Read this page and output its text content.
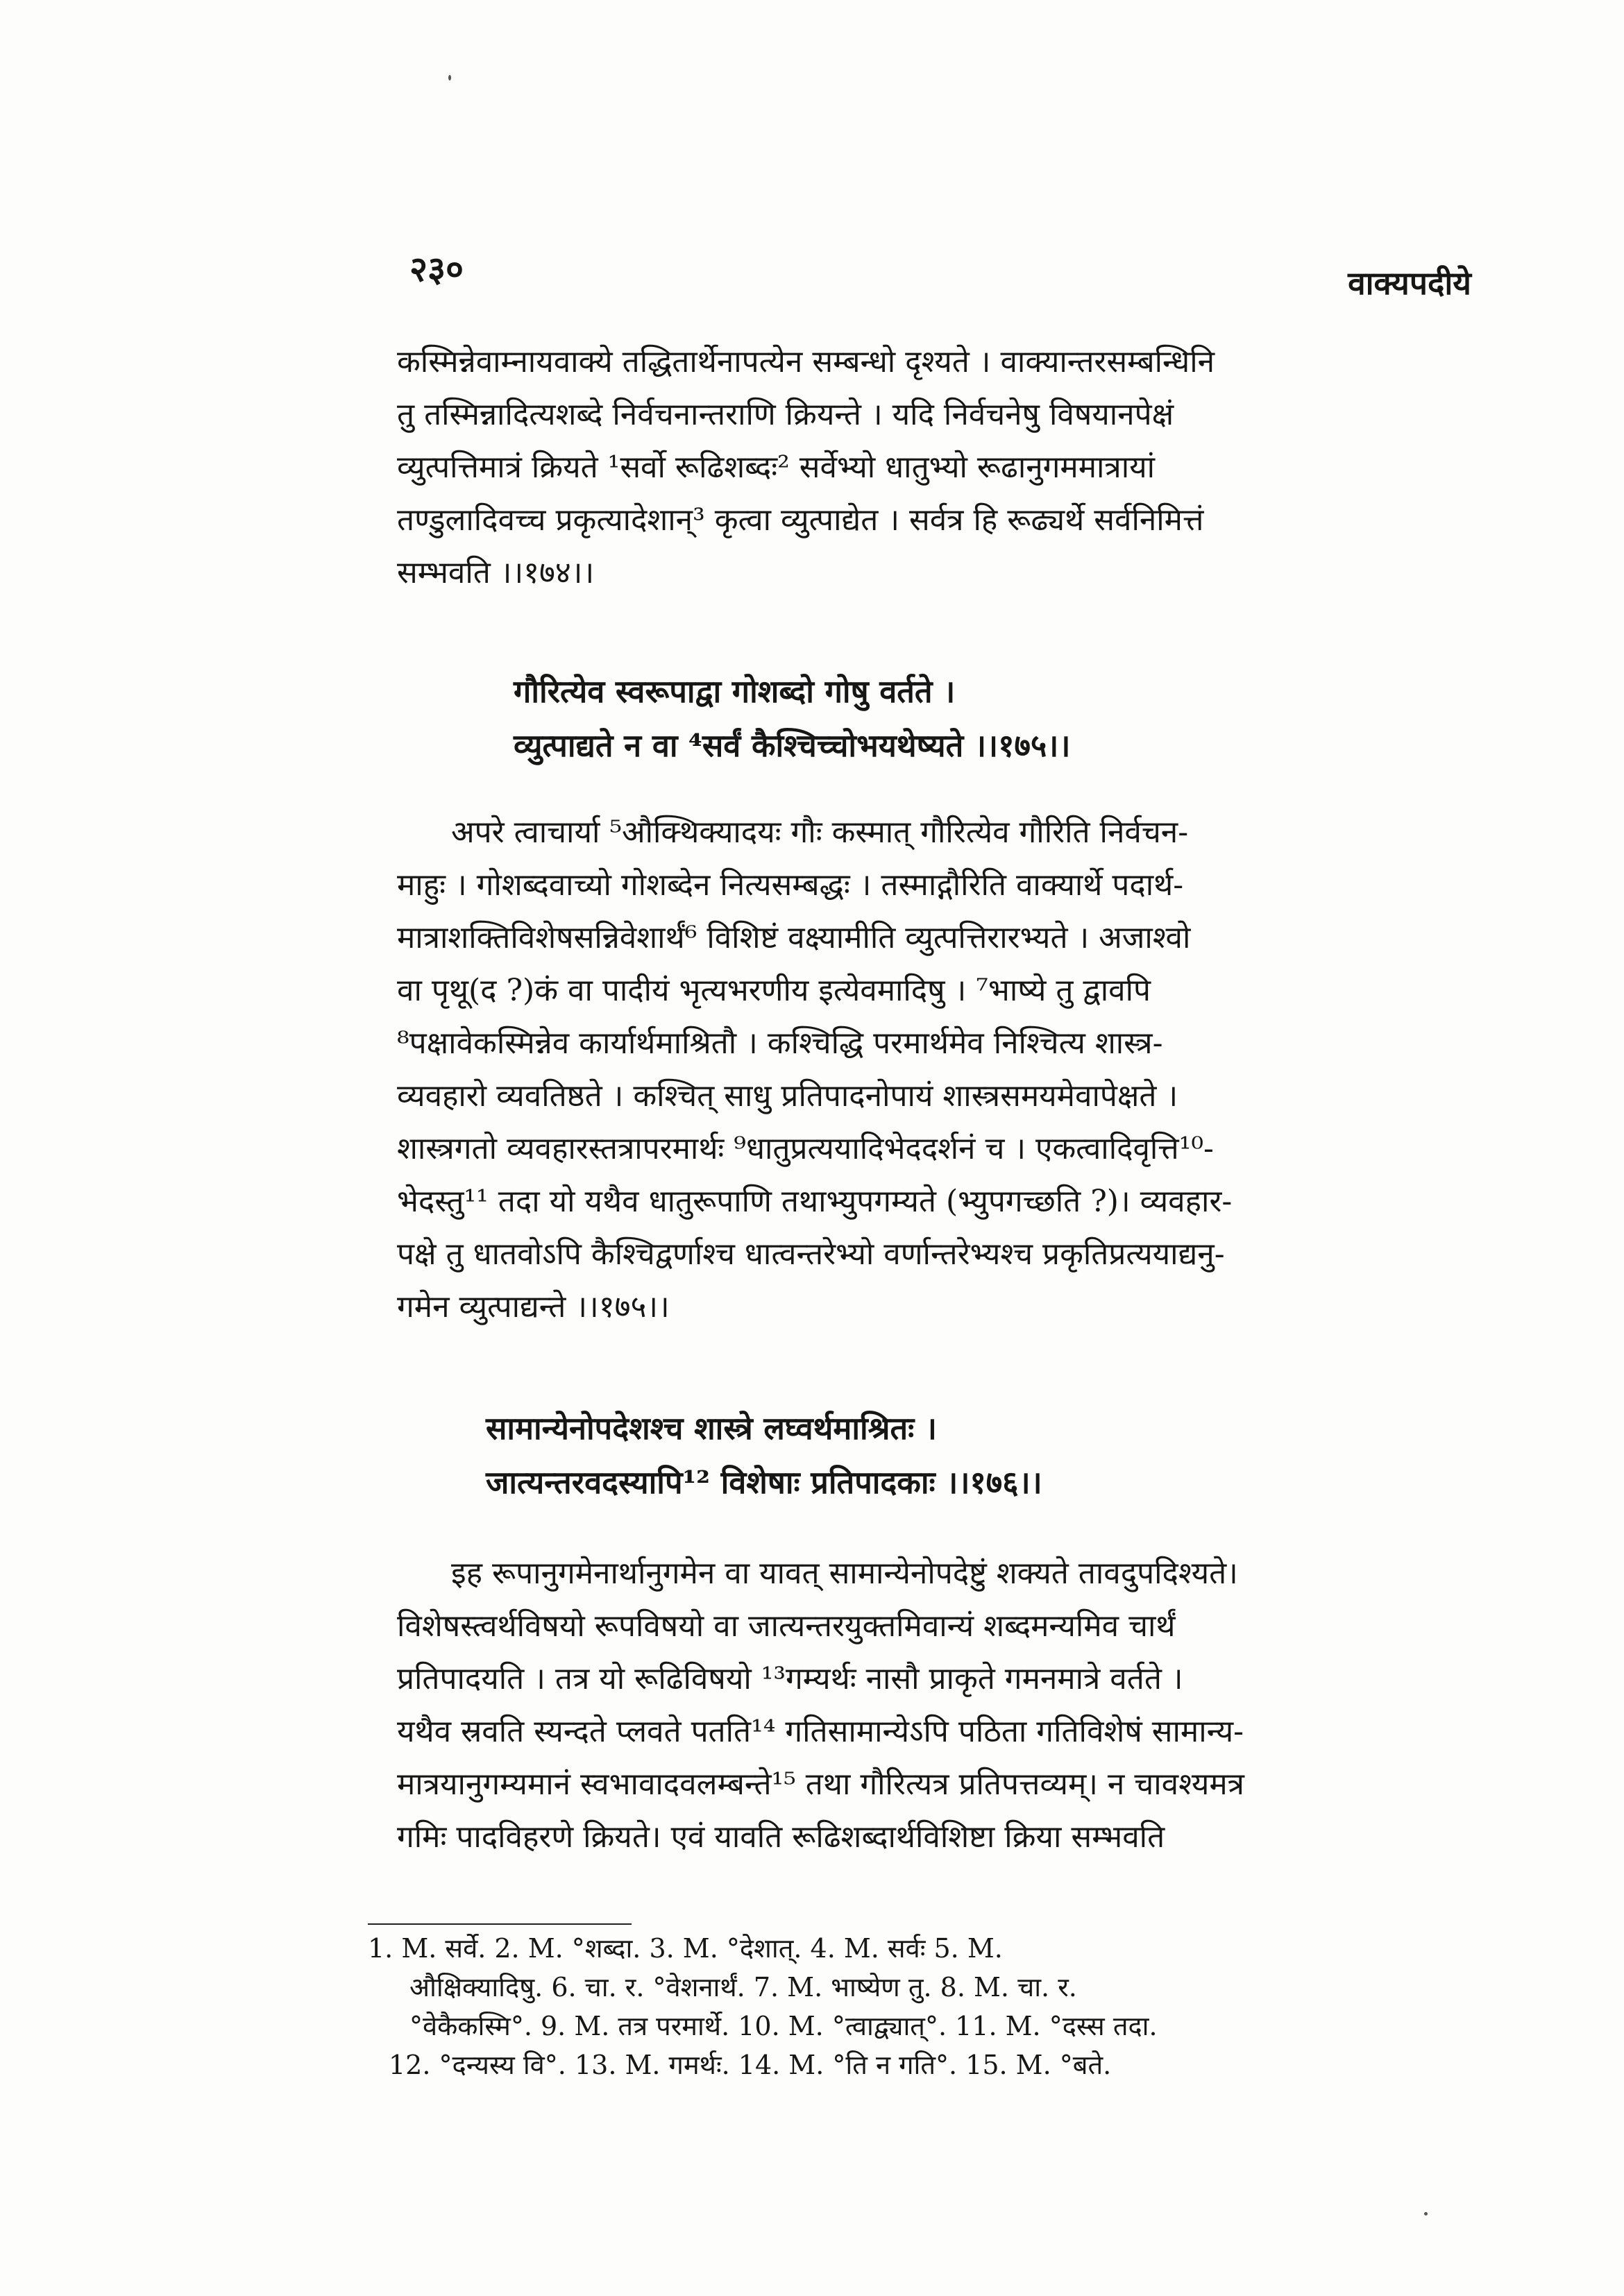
२३०	वाक्यपदीये

कस्मिन्नेवाम्नायवाक्ये तद्धितार्थेनापत्येन सम्बन्धो दृश्यते । वाक्यान्तरसम्बन्धिनि
तु तस्मिन्नादित्यशब्दे निर्वचनान्तराणि क्रियन्ते । यदि निर्वचनेषु विषयानपेक्षं
व्युत्पत्तिमात्रं क्रियते ¹सर्वो रूढिशब्दः² सर्वेभ्यो धातुभ्यो रूढानुगममात्रायां
तण्डुलादिवच्च प्रकृत्यादेशान्³ कृत्वा व्युत्पाद्येत । सर्वत्र हि रूढ्यर्थे सर्वनिमित्तं
सम्भवति ।।१७४।।

गौरित्येव स्वरूपाद्वा गोशब्दो गोषु वर्तते ।
व्युत्पाद्यते न वा ⁴सर्वं कैश्चिच्चोभयथेष्यते ।।१७५।।

अपरे त्वाचार्या ⁵औक्थिक्यादयः गौः कस्मात् गौरित्येव गौरिति निर्वचन-
माहुः । गोशब्दवाच्यो गोशब्देन नित्यसम्बद्धः । तस्माद्गौरिति वाक्यार्थे पदार्थ-
मात्राशक्तिविशेषसन्निवेशार्थं⁶ विशिष्टं वक्ष्यामीति व्युत्पत्तिरारभ्यते । अजाश्वो
वा पृथू(द ?)कं वा पादीयं भृत्यभरणीय इत्येवमादिषु । ⁷भाष्ये तु द्वावपि
⁸पक्षावेकस्मिन्नेव कार्यार्थमाश्रितौ । कश्चिद्धि परमार्थमेव निश्चित्य शास्त्र-
व्यवहारो व्यवतिष्ठते । कश्चित् साधु प्रतिपादनोपायं शास्त्रसमयमेवापेक्षते ।
शास्त्रगतो व्यवहारस्तत्रापरमार्थः ⁹धातुप्रत्ययादिभेददर्शनं च । एकत्वादिवृत्ति¹⁰-
भेदस्तु¹¹ तदा यो यथैव धातुरूपाणि तथाभ्युपगम्यते (भ्युपगच्छति ?)। व्यवहार-
पक्षे तु धातवोऽपि कैश्चिद्वर्णाश्च धात्वन्तरेभ्यो वर्णान्तरेभ्यश्च प्रकृतिप्रत्ययाद्यनु-
गमेन व्युत्पाद्यन्ते ।।१७५।।

सामान्येनोपदेशश्च शास्त्रे लघ्वर्थमाश्रितः ।
जात्यन्तरवदस्यापि¹² विशेषाः प्रतिपादकाः ।।१७६।।

इह रूपानुगमेनार्थानुगमेन वा यावत् सामान्येनोपदेष्टुं शक्यते तावदुपदिश्यते।
विशेषस्त्वर्थविषयो रूपविषयो वा जात्यन्तरयुक्तमिवान्यं शब्दमन्यमिव चार्थं
प्रतिपादयति । तत्र यो रूढिविषयो ¹³गम्यर्थः नासौ प्राकृते गमनमात्रे वर्तते ।
यथैव स्रवति स्यन्दते प्लवते पतति¹⁴ गतिसामान्येऽपि पठिता गतिविशेषं सामान्य-
मात्रयानुगम्यमानं स्वभावादवलम्बन्ते¹⁵ तथा गौरित्यत्र प्रतिपत्तव्यम्। न चावश्यमत्र
गमिः पादविहरणे क्रियते। एवं यावति रूढिशब्दार्थविशिष्टा क्रिया सम्भवति

1. M. सर्वे. 2. M. °शब्दा. 3. M. °देशात्. 4. M. सर्वः 5. M.
औक्षिक्यादिषु. 6. चा. र. °वेशनार्थं. 7. M. भाष्येण तु. 8. M. चा. र.
°वेकैकस्मि°. 9. M. तत्र परमार्थे. 10. M. °त्वाद्व्यात्°. 11. M. °दस्स तदा.
12. °दन्यस्य वि°. 13. M. गमर्थः. 14. M. °ति न गति°. 15. M. °बते.
